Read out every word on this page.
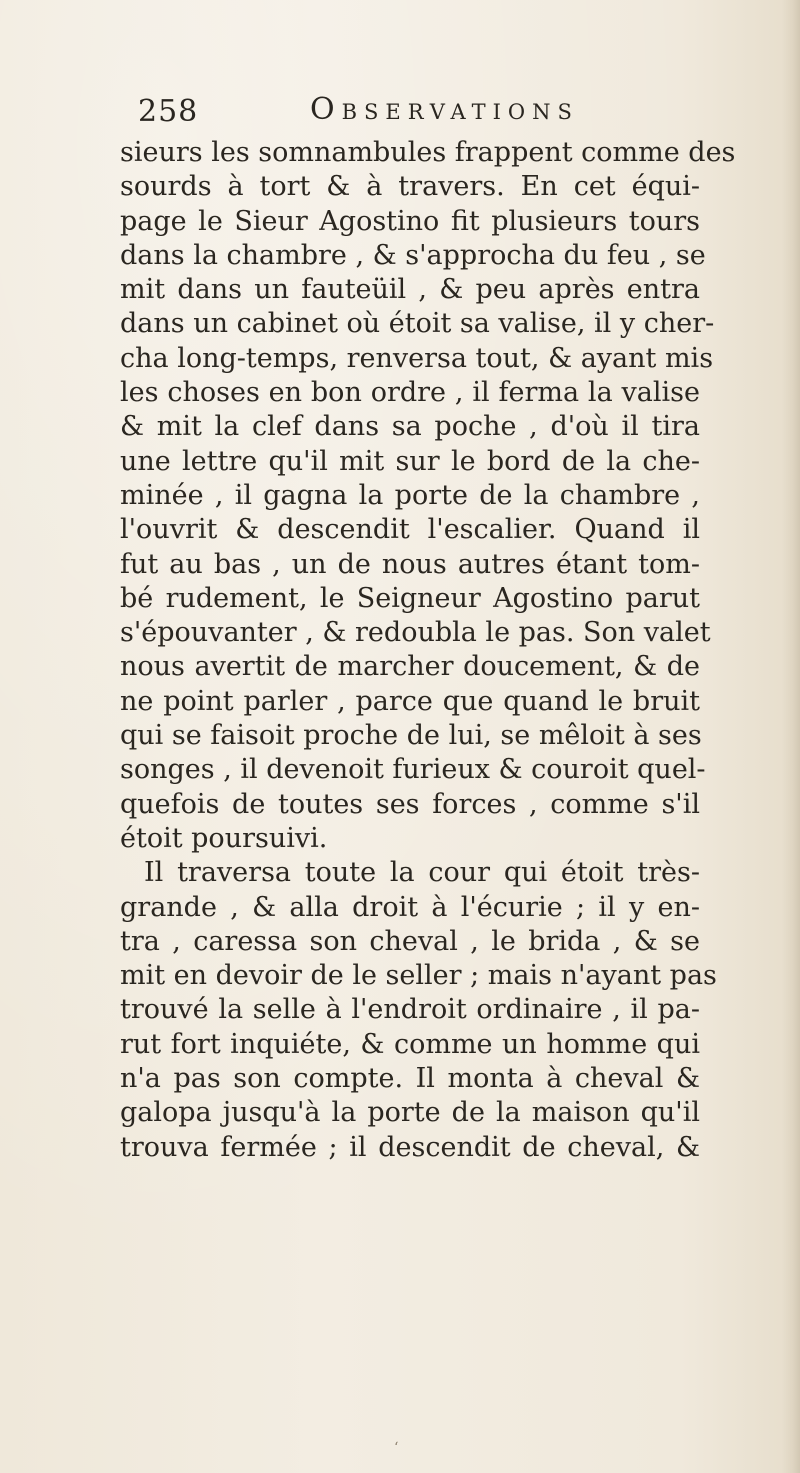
258	Observations
sieurs les somnambules frappent comme des
sourds à tort & à travers. En cet équi-
page le Sieur Agostino fit plusieurs tours
dans la chambre , & s'approcha du feu , se
mit dans un fauteüil , & peu après entra
dans un cabinet où étoit sa valise, il y cher-
cha long-temps, renversa tout, & ayant mis
les choses en bon ordre , il ferma la valise
& mit la clef dans sa poche , d'où il tira
une lettre qu'il mit sur le bord de la che-
minée , il gagna la porte de la chambre ,
l'ouvrit & descendit l'escalier. Quand il
fut au bas , un de nous autres étant tom-
bé rudement, le Seigneur Agostino parut
s'épouvanter , & redoubla le pas. Son valet
nous avertit de marcher doucement, & de
ne point parler , parce que quand le bruit
qui se faisoit proche de lui, se mêloit à ses
songes , il devenoit furieux & couroit quel-
quefois de toutes ses forces , comme s'il
étoit poursuivi.
Il traversa toute la cour qui étoit très-
grande , & alla droit à l'écurie ; il y en-
tra , caressa son cheval , le brida , & se
mit en devoir de le seller ; mais n'ayant pas
trouvé la selle à l'endroit ordinaire , il pa-
rut fort inquiéte, & comme un homme qui
n'a pas son compte. Il monta à cheval &
galopa jusqu'à la porte de la maison qu'il
trouva fermée ; il descendit de cheval, &
‘
